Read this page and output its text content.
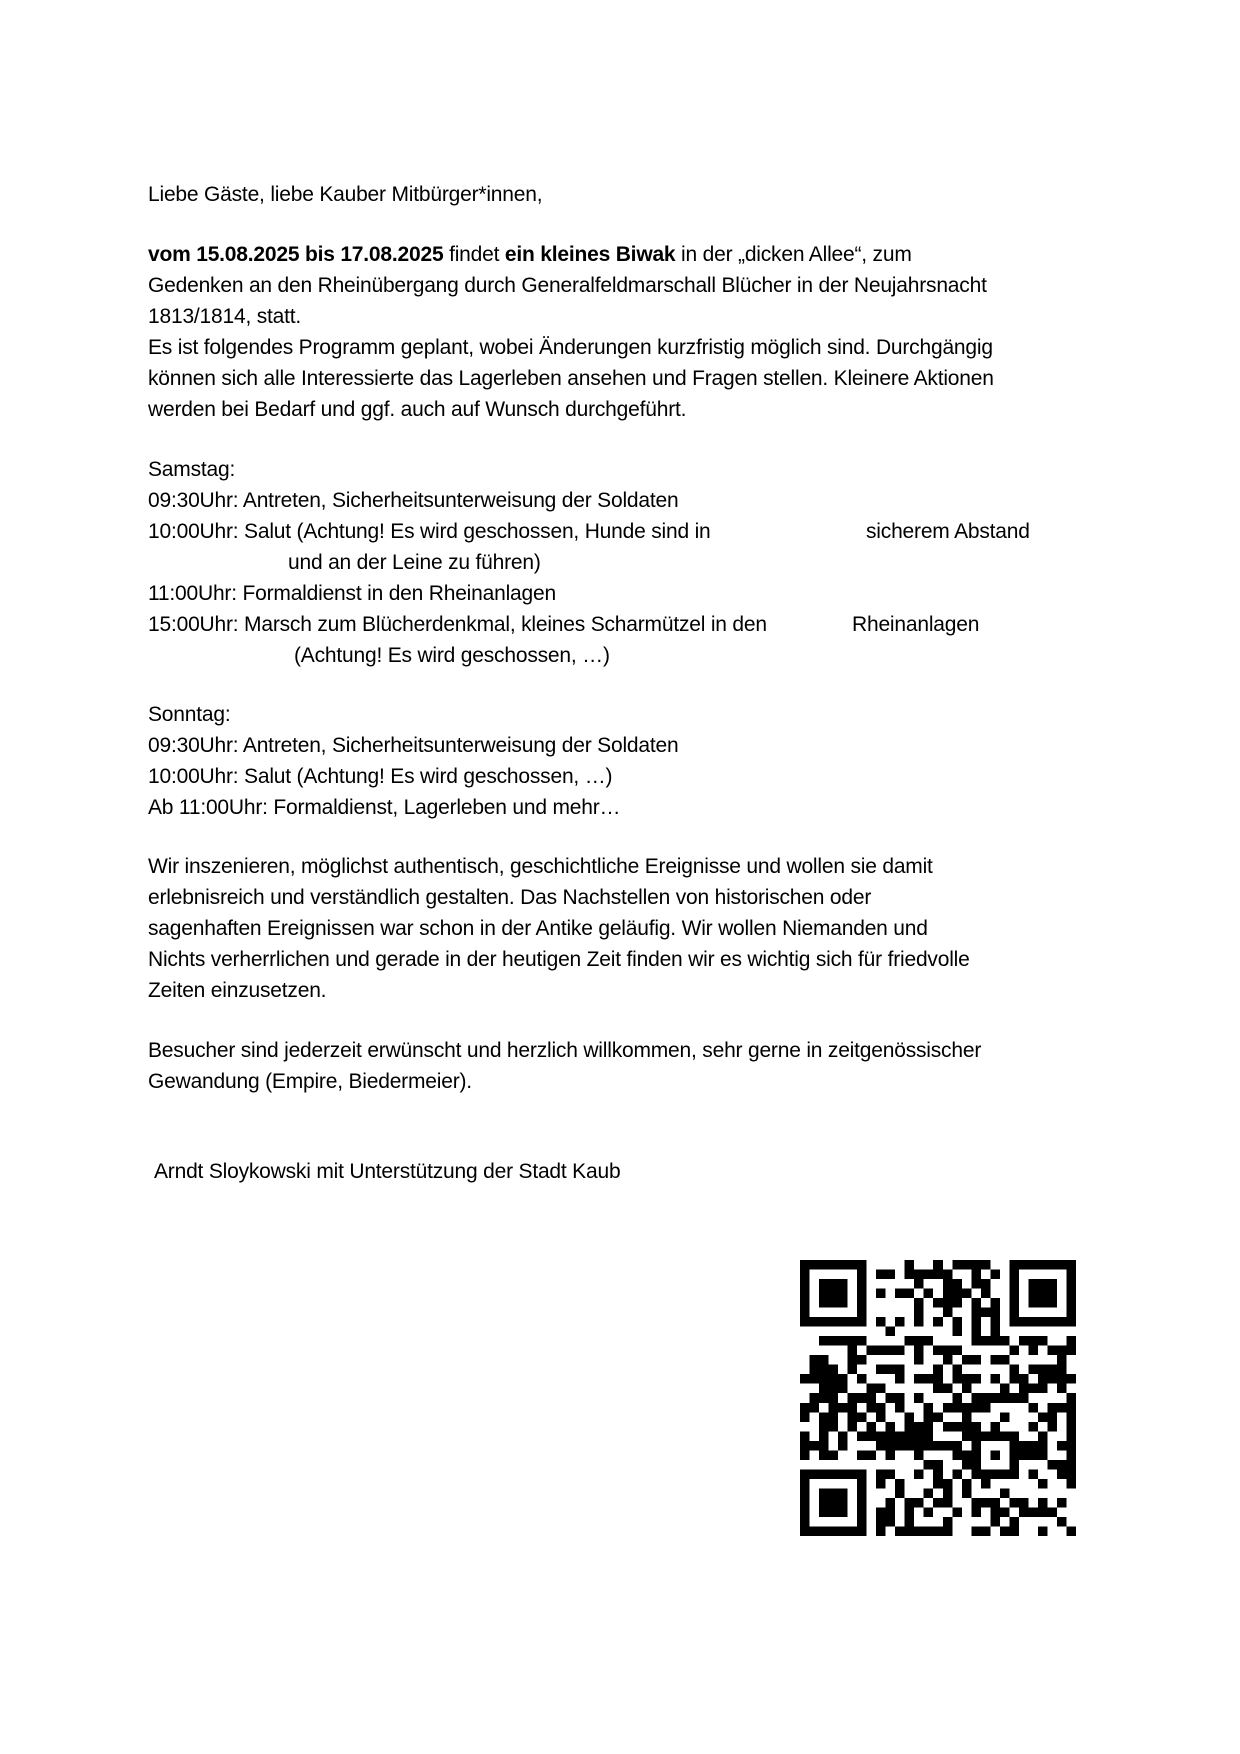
Liebe Gäste, liebe Kauber Mitbürger*innen,
vom 15.08.2025 bis 17.08.2025 findet ein kleines Biwak in der „dicken Allee“, zum
Gedenken an den Rheinübergang durch Generalfeldmarschall Blücher in der Neujahrsnacht
1813/1814, statt.
Es ist folgendes Programm geplant, wobei Änderungen kurzfristig möglich sind. Durchgängig
können sich alle Interessierte das Lagerleben ansehen und Fragen stellen. Kleinere Aktionen
werden bei Bedarf und ggf. auch auf Wunsch durchgeführt.
Samstag:
09:30Uhr: Antreten, Sicherheitsunterweisung der Soldaten
10:00Uhr: Salut (Achtung! Es wird geschossen, Hunde sind in	sicherem Abstand
und an der Leine zu führen)
11:00Uhr: Formaldienst in den Rheinanlagen
15:00Uhr: Marsch zum Blücherdenkmal, kleines Scharmützel in den	Rheinanlagen
(Achtung! Es wird geschossen, …)
Sonntag:
09:30Uhr: Antreten, Sicherheitsunterweisung der Soldaten
10:00Uhr: Salut (Achtung! Es wird geschossen, …)
Ab 11:00Uhr: Formaldienst, Lagerleben und mehr…
Wir inszenieren, möglichst authentisch, geschichtliche Ereignisse und wollen sie damit
erlebnisreich und verständlich gestalten. Das Nachstellen von historischen oder
sagenhaften Ereignissen war schon in der Antike geläufig. Wir wollen Niemanden und
Nichts verherrlichen und gerade in der heutigen Zeit finden wir es wichtig sich für friedvolle
Zeiten einzusetzen.
Besucher sind jederzeit erwünscht und herzlich willkommen, sehr gerne in zeitgenössischer
Gewandung (Empire, Biedermeier).
Arndt Sloykowski mit Unterstützung der Stadt Kaub
